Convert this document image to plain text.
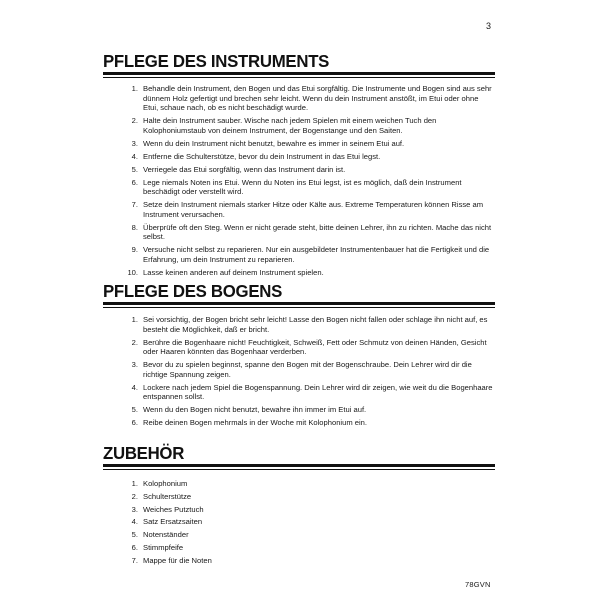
3
PFLEGE DES INSTRUMENTS
1. Behandle dein Instrument, den Bogen und das Etui sorgfältig. Die Instrumente und Bogen sind aus sehr dünnem Holz gefertigt und brechen sehr leicht. Wenn du dein Instrument anstößt, im Etui oder ohne Etui, schaue nach, ob es nicht beschädigt wurde.
2. Halte dein Instrument sauber. Wische nach jedem Spielen mit einem weichen Tuch den Kolophoniumstaub von deinem Instrument, der Bogenstange und den Saiten.
3. Wenn du dein Instrument nicht benutzt, bewahre es immer in seinem Etui auf.
4. Entferne die Schulterstütze, bevor du dein Instrument in das Etui legst.
5. Verriegele das Etui sorgfältig, wenn das Instrument darin ist.
6. Lege niemals Noten ins Etui. Wenn du Noten ins Etui legst, ist es möglich, daß dein Instrument beschädigt oder verstellt wird.
7. Setze dein Instrument niemals starker Hitze oder Kälte aus. Extreme Temperaturen können Risse am Instrument verursachen.
8. Überprüfe oft den Steg. Wenn er nicht gerade steht, bitte deinen Lehrer, ihn zu richten. Mache das nicht selbst.
9. Versuche nicht selbst zu reparieren. Nur ein ausgebildeter Instrumentenbauer hat die Fertigkeit und die Erfahrung, um dein Instrument zu reparieren.
10. Lasse keinen anderen auf deinem Instrument spielen.
PFLEGE DES BOGENS
1. Sei vorsichtig, der Bogen bricht sehr leicht! Lasse den Bogen nicht fallen oder schlage ihn nicht auf, es besteht die Möglichkeit, daß er bricht.
2. Berühre die Bogenhaare nicht! Feuchtigkeit, Schweiß, Fett oder Schmutz von deinen Händen, Gesicht oder Haaren könnten das Bogenhaar verderben.
3. Bevor du zu spielen beginnst, spanne den Bogen mit der Bogenschraube. Dein Lehrer wird dir die richtige Spannung zeigen.
4. Lockere nach jedem Spiel die Bogenspannung. Dein Lehrer wird dir zeigen, wie weit du die Bogenhaare entspannen sollst.
5. Wenn du den Bogen nicht benutzt, bewahre ihn immer im Etui auf.
6. Reibe deinen Bogen mehrmals in der Woche mit Kolophonium ein.
ZUBEHÖR
1. Kolophonium
2. Schulterstütze
3. Weiches Putztuch
4. Satz Ersatzsaiten
5. Notenständer
6. Stimmpfeife
7. Mappe für die Noten
78GVN
